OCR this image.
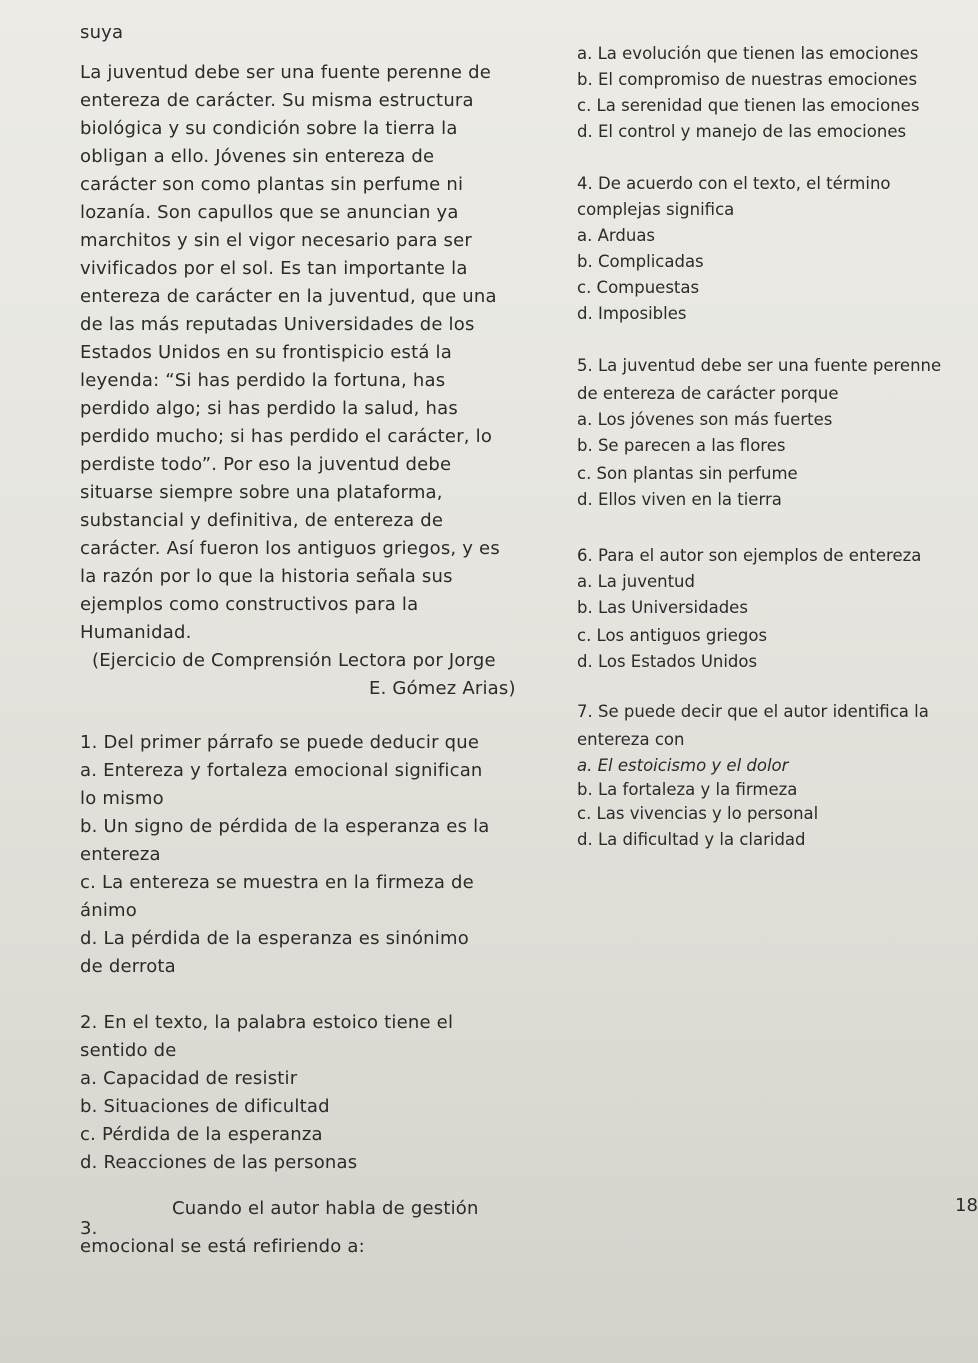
suya
La juventud debe ser una fuente perenne de
entereza de carácter. Su misma estructura
biológica y su condición sobre la tierra la
obligan a ello. Jóvenes sin entereza de
carácter son como plantas sin perfume ni
lozanía. Son capullos que se anuncian ya
marchitos y sin el vigor necesario para ser
vivificados por el sol. Es tan importante la
entereza de carácter en la juventud, que una
de las más reputadas Universidades de los
Estados Unidos en su frontispicio está la
leyenda: “Si has perdido la fortuna, has
perdido algo; si has perdido la salud, has
perdido mucho; si has perdido el carácter, lo
perdiste todo”. Por eso la juventud debe
situarse siempre sobre una plataforma,
substancial y definitiva, de entereza de
carácter. Así fueron los antiguos griegos, y es
la razón por lo que la historia señala sus
ejemplos como constructivos para la
Humanidad.
(Ejercicio de Comprensión Lectora por Jorge
E. Gómez Arias)
1. Del primer párrafo se puede deducir que
a. Entereza y fortaleza emocional significan
lo mismo
b. Un signo de pérdida de la esperanza es la
entereza
c. La entereza se muestra en la firmeza de
ánimo
d. La pérdida de la esperanza es sinónimo
de derrota
2. En el texto, la palabra estoico tiene el
sentido de
a. Capacidad de resistir
b. Situaciones de dificultad
c. Pérdida de la esperanza
d. Reacciones de las personas
Cuando el autor habla de gestión
3.
emocional se está refiriendo a:
a. La evolución que tienen las emociones
b. El compromiso de nuestras emociones
c. La serenidad que tienen las emociones
d. El control y manejo de las emociones
4. De acuerdo con el texto, el término
complejas significa
a. Arduas
b. Complicadas
c. Compuestas
d. Imposibles
5. La juventud debe ser una fuente perenne
de entereza de carácter porque
a. Los jóvenes son más fuertes
b. Se parecen a las flores
c. Son plantas sin perfume
d. Ellos viven en la tierra
6. Para el autor son ejemplos de entereza
a. La juventud
b. Las Universidades
c. Los antiguos griegos
d. Los Estados Unidos
7. Se puede decir que el autor identifica la
entereza con
a. El estoicismo y el dolor
b. La fortaleza y la firmeza
c. Las vivencias y lo personal
d. La dificultad y la claridad
18
